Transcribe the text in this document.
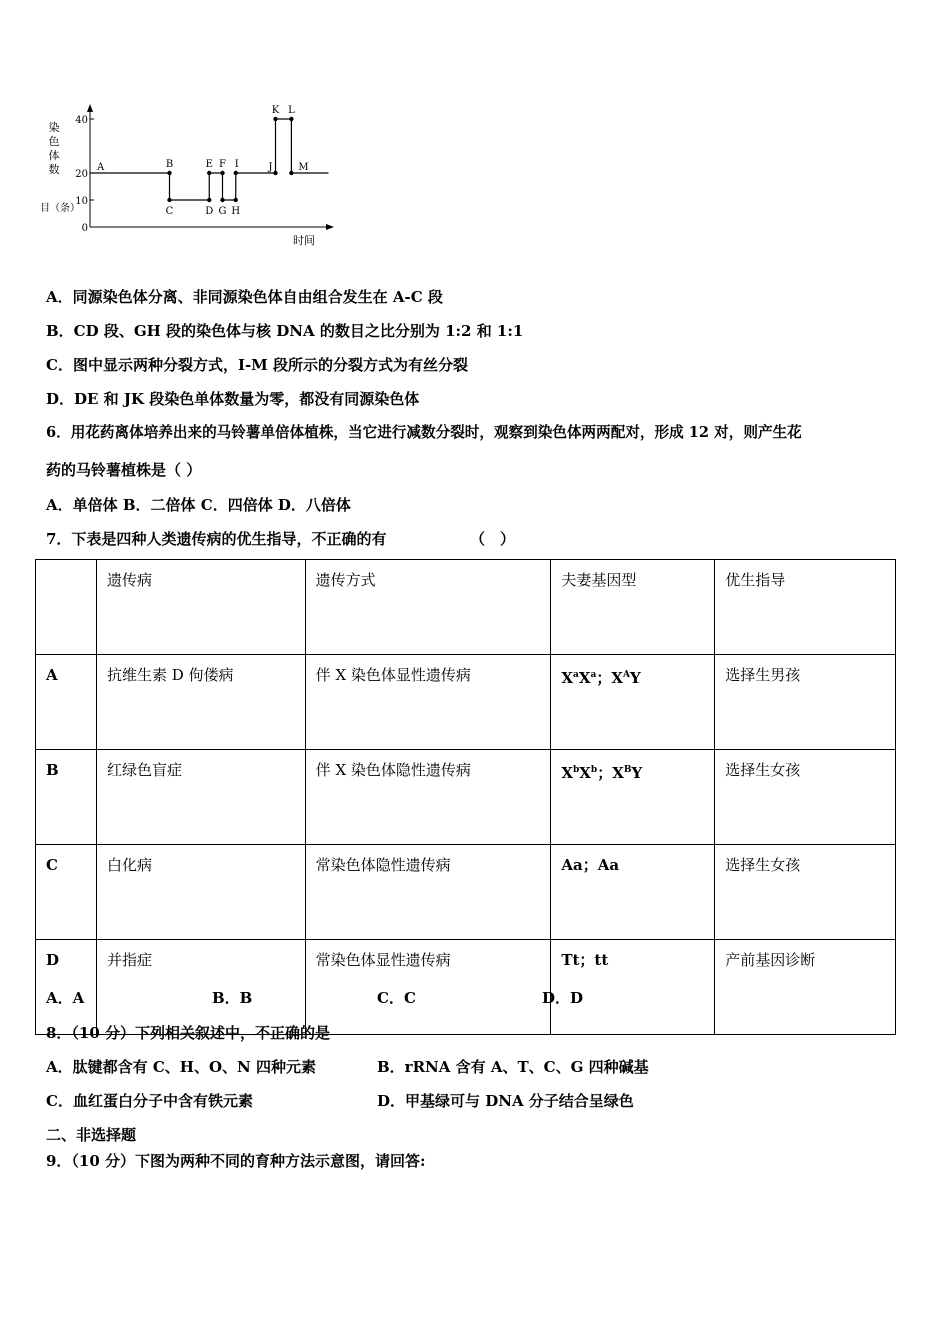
染
色
体
数
目（条）
0
10
20
40
A	B
C	D
E F
G H
I	J
K L
M
时间
A．同源染色体分离、非同源染色体自由组合发生在 A-C 段
B．CD 段、GH 段的染色体与核 DNA 的数目之比分别为 1:2 和 1:1
C．图中显示两种分裂方式，I-M 段所示的分裂方式为有丝分裂
D．DE 和 JK 段染色单体数量为零，都没有同源染色体
6．用花药离体培养出来的马铃薯单倍体植株，当它进行减数分裂时，观察到染色体两两配对，形成 12 对，则产生花
药的马铃薯植株是（ ）
A．单倍体 B．二倍体 C．四倍体 D．八倍体
7．下表是四种人类遗传病的优生指导，不正确的有	（　）
	遗传病	遗传方式	夫妻基因型	优生指导
A	抗维生素 D 佝偻病	伴 X 染色体显性遗传病	$X^aX^a$；$X^AY$	选择生男孩
B	红绿色盲症	伴 X 染色体隐性遗传病	$X^bX^b$；$X^BY$	选择生女孩
C	白化病	常染色体隐性遗传病	Aa；Aa	选择生女孩
D	并指症	常染色体显性遗传病	Tt；tt	产前基因诊断
A．A	B．B	C．C	D．D
8．（10 分）下列相关叙述中，不正确的是
A．肽键都含有 C、H、O、N 四种元素	B．rRNA 含有 A、T、C、G 四种碱基
C．血红蛋白分子中含有铁元素	D．甲基绿可与 DNA 分子结合呈绿色
二、非选择题
9．（10 分）下图为两种不同的育种方法示意图，请回答:
